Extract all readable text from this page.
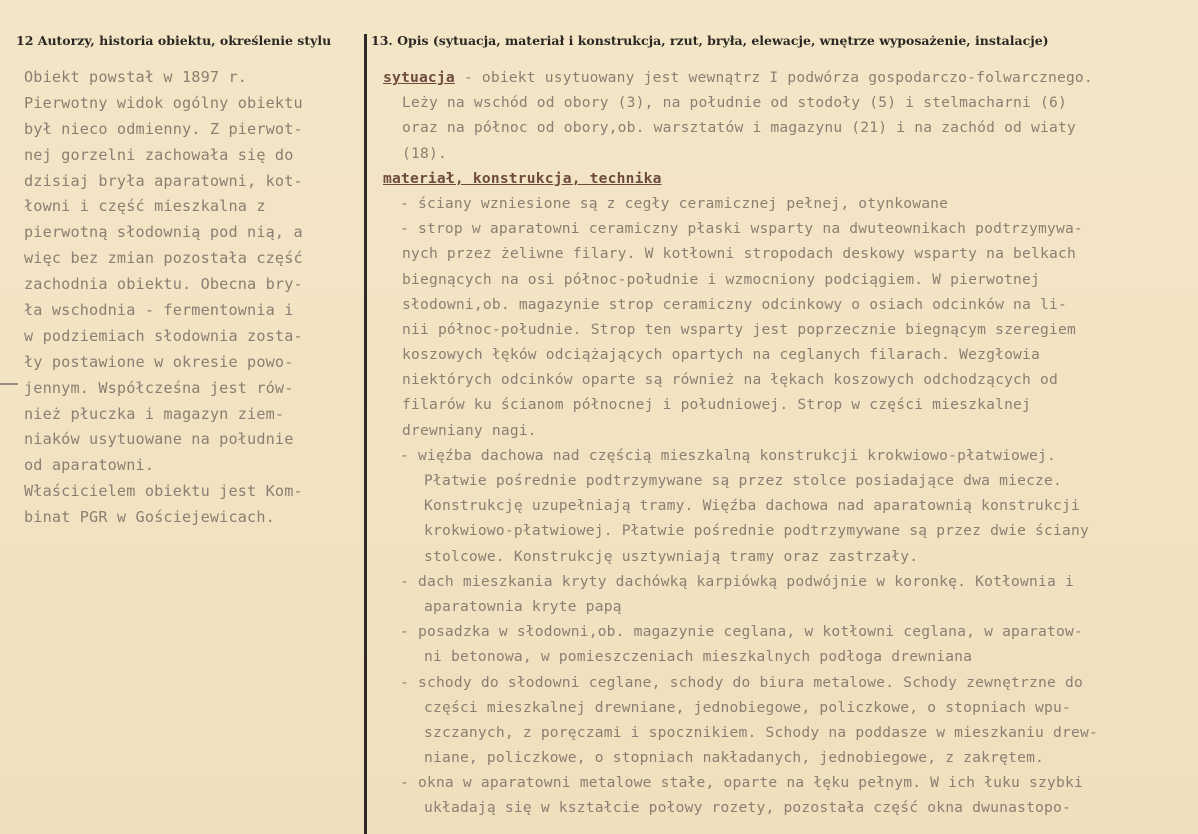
12 Autorzy, historia obiektu, określenie stylu	13. Opis (sytuacja, materiał i konstrukcja, rzut, bryła, elewacje, wnętrze wyposażenie, instalacje)
Obiekt powstał w 1897 r.
Pierwotny widok ogólny obiektu
był nieco odmienny. Z pierwot-
nej gorzelni zachowała się do
dzisiaj bryła aparatowni, kot-
łowni i część mieszkalna z
pierwotną słodownią pod nią, a
więc bez zmian pozostała część
zachodnia obiektu. Obecna bry-
ła wschodnia - fermentownia i
w podziemiach słodownia zosta-
ły postawione w okresie powo-
jennym. Współcześna jest rów-
nież płuczka i magazyn ziem-
niaków usytuowane na południe
od aparatowni.
Właścicielem obiektu jest Kom-
binat PGR w Gościejewicach.
sytuacja - obiekt usytuowany jest wewnątrz I podwórza gospodarczo-folwarcznego.
Leży na wschód od obory (3), na południe od stodoły (5) i stelmacharni (6)
oraz na północ od obory,ob. warsztatów i magazynu (21) i na zachód od wiaty
(18).
materiał, konstrukcja, technika
- ściany wzniesione są z cegły ceramicznej pełnej, otynkowane
- strop w aparatowni ceramiczny płaski wsparty na dwuteownikach podtrzymywa-
nych przez żeliwne filary. W kotłowni stropodach deskowy wsparty na belkach
biegnących na osi północ-południe i wzmocniony podciągiem. W pierwotnej
słodowni,ob. magazynie strop ceramiczny odcinkowy o osiach odcinków na li-
nii północ-południe. Strop ten wsparty jest poprzecznie biegnącym szeregiem
koszowych łęków odciążających opartych na ceglanych filarach. Wezgłowia
niektórych odcinków oparte są również na łękach koszowych odchodzących od
filarów ku ścianom północnej i południowej. Strop w części mieszkalnej
drewniany nagi.
- więźba dachowa nad częścią mieszkalną konstrukcji krokwiowo-płatwiowej.
Płatwie pośrednie podtrzymywane są przez stolce posiadające dwa miecze.
Konstrukcję uzupełniają tramy. Więźba dachowa nad aparatownią konstrukcji
krokwiowo-płatwiowej. Płatwie pośrednie podtrzymywane są przez dwie ściany
stolcowe. Konstrukcję usztywniają tramy oraz zastrzały.
- dach mieszkania kryty dachówką karpiówką podwójnie w koronkę. Kotłownia i
aparatownia kryte papą
- posadzka w słodowni,ob. magazynie ceglana, w kotłowni ceglana, w aparatow-
ni betonowa, w pomieszczeniach mieszkalnych podłoga drewniana
- schody do słodowni ceglane, schody do biura metalowe. Schody zewnętrzne do
części mieszkalnej drewniane, jednobiegowe, policzkowe, o stopniach wpu-
szczanych, z poręczami i spocznikiem. Schody na poddasze w mieszkaniu drew-
niane, policzkowe, o stopniach nakładanych, jednobiegowe, z zakrętem.
- okna w aparatowni metalowe stałe, oparte na łęku pełnym. W ich łuku szybki
układają się w kształcie połowy rozety, pozostała część okna dwunastopo-
